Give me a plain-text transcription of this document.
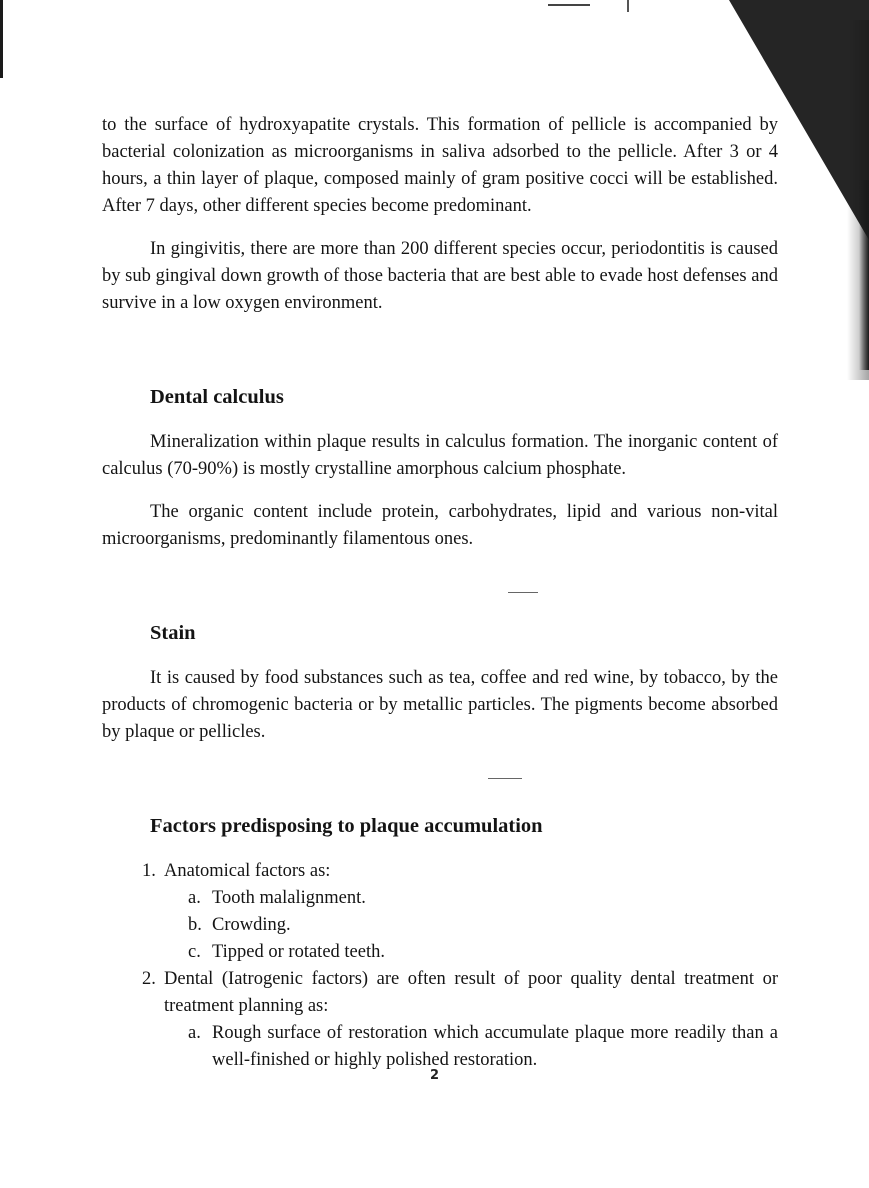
to the surface of hydroxyapatite crystals. This formation of pellicle is accompanied by bacterial colonization as microorganisms in saliva adsorbed to the pellicle. After 3 or 4 hours, a thin layer of plaque, composed mainly of gram positive cocci will be established. After 7 days, other different species become predominant.

In gingivitis, there are more than 200 different species occur, periodontitis is caused by sub gingival down growth of those bacteria that are best able to evade host defenses and survive in a low oxygen environment.

Dental calculus

Mineralization within plaque results in calculus formation. The inorganic content of calculus (70-90%) is mostly crystalline amorphous calcium phosphate.

The organic content include protein, carbohydrates, lipid and various non-vital microorganisms, predominantly filamentous ones.

Stain

It is caused by food substances such as tea, coffee and red wine, by tobacco, by the products of chromogenic bacteria or by metallic particles. The pigments become absorbed by plaque or pellicles.

Factors predisposing to plaque accumulation
1. Anatomical factors as:
a. Tooth malalignment.
b. Crowding.
c. Tipped or rotated teeth.
2. Dental (Iatrogenic factors) are often result of poor quality dental treatment or treatment planning as:
a. Rough surface of restoration which accumulate plaque more readily than a well-finished or highly polished restoration.
2
